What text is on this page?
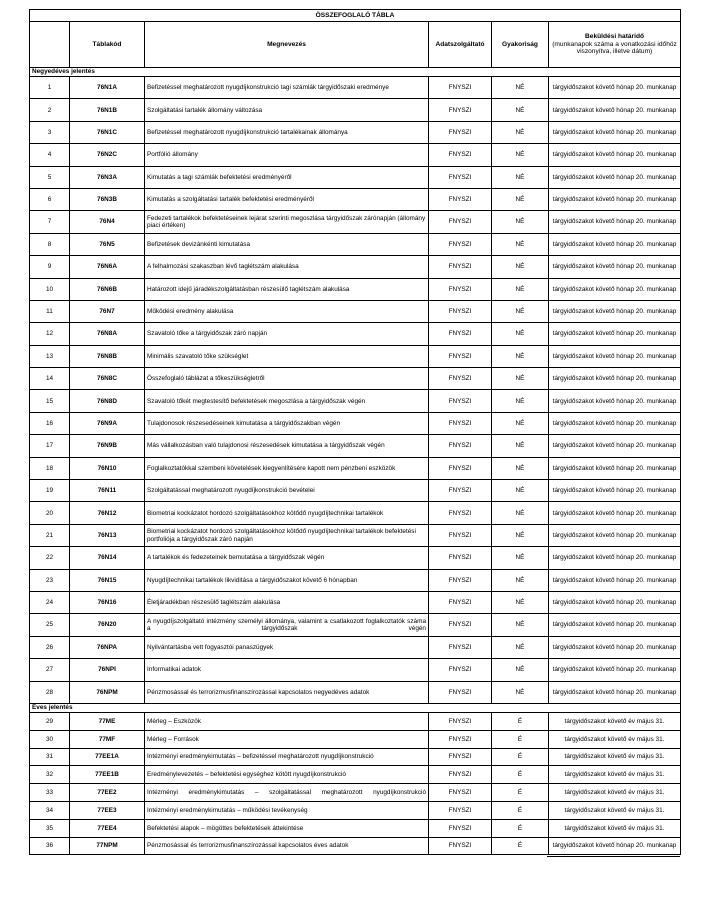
ÖSSZEFOGLALÓ TÁBLA					
	Táblakód	Megnevezés	Adatszolgáltató	Gyakoriság	Beküldési határidő
(munkanapok száma a vonatkozási időhöz viszonyítva, illetve dátum)

Negyedéves jelentés					
1	76N1A	Befizetéssel meghatározott nyugdíjkonstrukció tagi számlák tárgyidőszaki eredménye	FNYSZI	NÉ	tárgyidőszakot követő hónap 20. munkanap
2	76N1B	Szolgáltatási tartalék állomány változása	FNYSZI	NÉ	tárgyidőszakot követő hónap 20. munkanap
3	76N1C	Befizetéssel meghatározott nyugdíjkonstrukció tartalékainak állománya	FNYSZI	NÉ	tárgyidőszakot követő hónap 20. munkanap
4	76N2C	Portfólió állomány	FNYSZI	NÉ	tárgyidőszakot követő hónap 20. munkanap
5	76N3A	Kimutatás a tagi számlák befektetési eredményéről	FNYSZI	NÉ	tárgyidőszakot követő hónap 20. munkanap
6	76N3B	Kimutatás a szolgáltatási tartalék befektetési eredményéről	FNYSZI	NÉ	tárgyidőszakot követő hónap 20. munkanap
7	76N4	Fedezeti tartalékok befektetéseinek lejárat szerinti megoszlása tárgyidőszak zárónapján (állomány piaci értéken)	FNYSZI	NÉ	tárgyidőszakot követő hónap 20. munkanap
8	76N5	Befizetések devizánkénti kimutatása	FNYSZI	NÉ	tárgyidőszakot követő hónap 20. munkanap
9	76N6A	A felhalmozási szakaszban lévő taglétszám alakulása	FNYSZI	NÉ	tárgyidőszakot követő hónap 20. munkanap
10	76N6B	Határozott idejű járadékszolgáltatásban részesülő taglétszám alakulása	FNYSZI	NÉ	tárgyidőszakot követő hónap 20. munkanap
11	76N7	Működési eredmény alakulása	FNYSZI	NÉ	tárgyidőszakot követő hónap 20. munkanap
12	76N8A	Szavatoló tőke a tárgyidőszak záró napján	FNYSZI	NÉ	tárgyidőszakot követő hónap 20. munkanap
13	76N8B	Minimális szavatoló tőke szükséglet	FNYSZI	NÉ	tárgyidőszakot követő hónap 20. munkanap
14	76N8C	Összefoglaló táblázat a tőkeszükségletről	FNYSZI	NÉ	tárgyidőszakot követő hónap 20. munkanap
15	76N8D	Szavatoló tőkét megtestesítő befektetések megoszlása a tárgyidőszak végén	FNYSZI	NÉ	tárgyidőszakot követő hónap 20. munkanap
16	76N9A	Tulajdonosok részesedéseinek kimutatása a tárgyidőszakban végén	FNYSZI	NÉ	tárgyidőszakot követő hónap 20. munkanap
17	76N9B	Más vállalkozásban való tulajdonosi részesedések kimutatása a tárgyidőszak végén	FNYSZI	NÉ	tárgyidőszakot követő hónap 20. munkanap
18	76N10	Foglalkoztatókkal szembeni követelések kiegyenlítésére kapott nem pénzbeni eszközök	FNYSZI	NÉ	tárgyidőszakot követő hónap 20. munkanap
19	76N11	Szolgáltatással meghatározott nyugdíjkonstrukció bevételei	FNYSZI	NÉ	tárgyidőszakot követő hónap 20. munkanap
20	76N12	Biometriai kockázatot hordozó szolgáltatásokhoz kötődő nyugdíjtechnikai tartalékok	FNYSZI	NÉ	tárgyidőszakot követő hónap 20. munkanap
21	76N13	Biometriai kockázatot hordozó szolgáltatásokhoz kötődő nyugdíjtechnikai tartalékok befektetési portfoliója a tárgyidőszak záró napján	FNYSZI	NÉ	tárgyidőszakot követő hónap 20. munkanap
22	76N14	A tartalékok és fedezeteinek bemutatása a tárgyidőszak végén	FNYSZI	NÉ	tárgyidőszakot követő hónap 20. munkanap
23	76N15	Nyugdíjtechnikai tartalékok likviditása a tárgyidőszakot követő 6 hónapban	FNYSZI	NÉ	tárgyidőszakot követő hónap 20. munkanap
24	76N16	Életjáradékban részesülő taglétszám alakulása	FNYSZI	NÉ	tárgyidőszakot követő hónap 20. munkanap
25	76N20	A nyugdíjszolgáltató intézmény személyi állománya, valamint a csatlakozott foglalkoztatók száma a tárgyidőszak végén	FNYSZI	NÉ	tárgyidőszakot követő hónap 20. munkanap
26	76NPA	Nyilvántartásba vett fogyasztói panaszügyek	FNYSZI	NÉ	tárgyidőszakot követő hónap 20. munkanap
27	76NPI	Informatikai adatok	FNYSZI	NÉ	tárgyidőszakot követő hónap 20. munkanap
28	76NPM	Pénzmosással és terrorizmusfinanszírozással kapcsolatos negyedéves adatok	FNYSZI	NÉ	tárgyidőszakot követő hónap 20. munkanap
Éves jelentés					
29	77ME	Mérleg – Eszközök	FNYSZI	É	tárgyidőszakot követő év május 31.
30	77MF	Mérleg – Források	FNYSZI	É	tárgyidőszakot követő év május 31.
31	77EE1A	Intézményi eredménykimutatás – befizetéssel meghatározott nyugdíjkonstrukció	FNYSZI	É	tárgyidőszakot követő év május 31.
32	77EE1B	Eredménylevezetés – befektetési egységhez kötött nyugdíjkonstrukció	FNYSZI	É	tárgyidőszakot követő év május 31.
33	77EE2	Intézményi eredménykimutatás – szolgáltatással meghatározott nyugdíjkonstrukció	FNYSZI	É	tárgyidőszakot követő év május 31.
34	77EE3	Intézményi eredménykimutatás – működési tevékenység	FNYSZI	É	tárgyidőszakot követő év május 31.
35	77EE4	Befektetési alapok – mögöttes befektetések áttekintése	FNYSZI	É	tárgyidőszakot követő év május 31.
36	77NPM	Pénzmosással és terrorizmusfinanszírozással kapcsolatos éves adatok	FNYSZI	É	tárgyidőszakot követő hónap 20. munkanap
